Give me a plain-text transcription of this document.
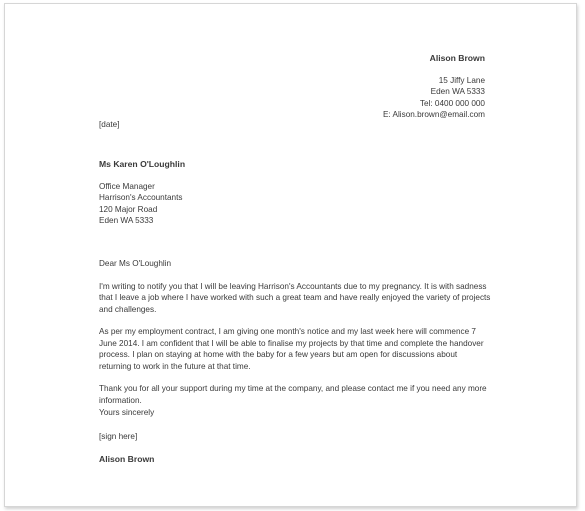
Alison Brown
15 Jiffy Lane
Eden WA 5333
Tel: 0400 000 000
E: Alison.brown@email.com
[date]
Ms Karen O'Loughlin
Office Manager
Harrison's Accountants
120 Major Road
Eden WA 5333

Dear Ms O'Loughlin

I'm writing to notify you that I will be leaving Harrison's Accountants due to my pregnancy. It is with sadness that I leave a job where I have worked with such a great team and have really enjoyed the variety of projects and challenges.

As per my employment contract, I am giving one month's notice and my last week here will commence 7 June 2014. I am confident that I will be able to finalise my projects by that time and complete the handover process. I plan on staying at home with the baby for a few years but am open for discussions about returning to work in the future at that time.

Thank you for all your support during my time at the company, and please contact me if you need any more information.

Yours sincerely
[sign here]
Alison Brown
